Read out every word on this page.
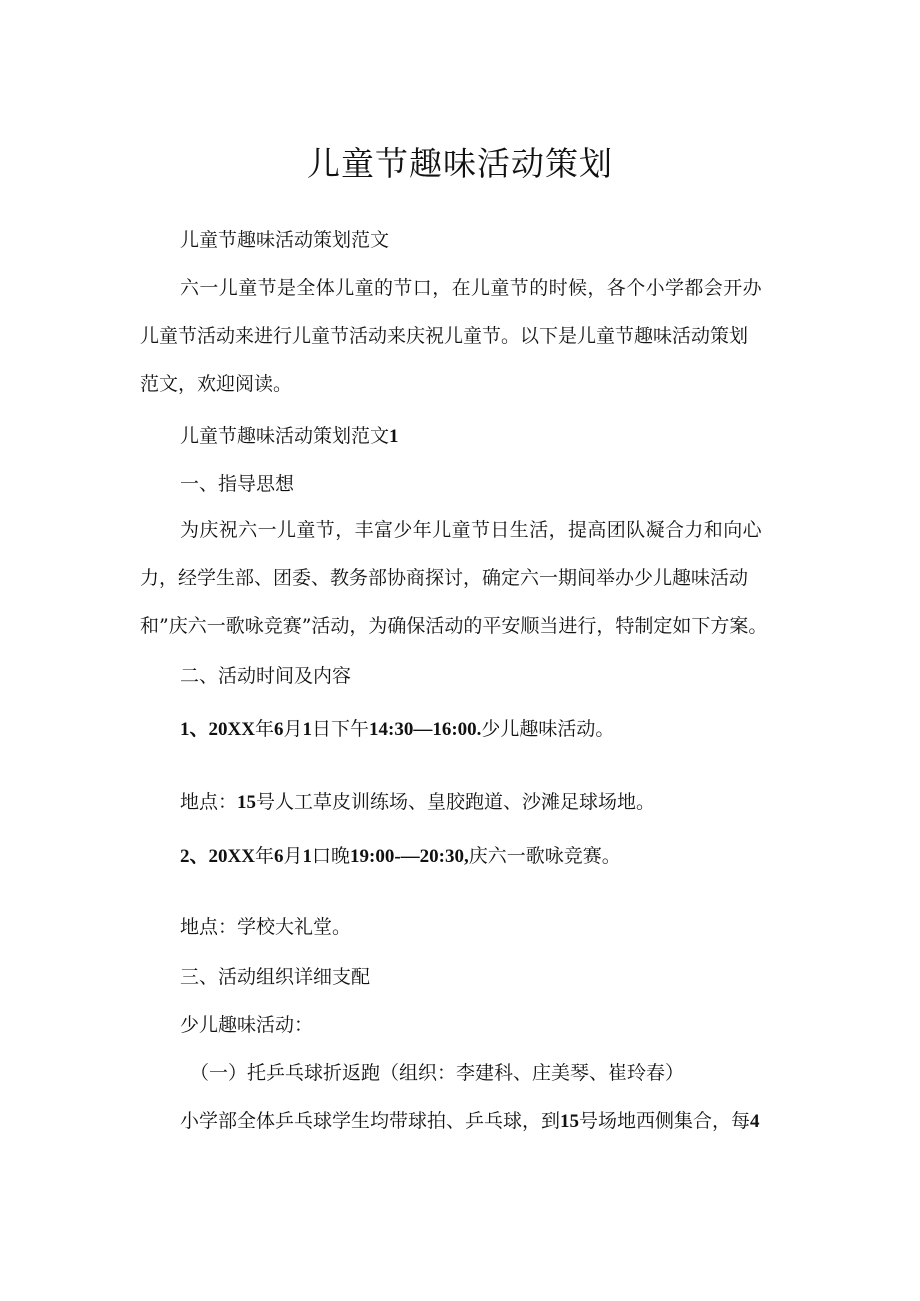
儿童节趣味活动策划
儿童节趣味活动策划范文
六一儿童节是全体儿童的节口，在儿童节的时候，各个小学都会开办
儿童节活动来进行儿童节活动来庆祝儿童节。以下是儿童节趣味活动策划
范文，欢迎阅读。
儿童节趣味活动策划范文1
一、指导思想
为庆祝六一儿童节，丰富少年儿童节日生活，提高团队凝合力和向心
力，经学生部、团委、教务部协商探讨，确定六一期间举办少儿趣味活动
和”庆六一歌咏竞赛”活动，为确保活动的平安顺当进行，特制定如下方案。
二、活动时间及内容
1、20XX年6月1日下午14:30—16:00.少儿趣味活动。
地点：15号人工草皮训练场、皇胶跑道、沙滩足球场地。
2、20XX年6月1口晚19:00-—20:30,庆六一歌咏竞赛。
地点：学校大礼堂。
三、活动组织详细支配
少儿趣味活动：
（一）托乒乓球折返跑（组织：李建科、庄美琴、崔玲春）
小学部全体乒乓球学生均带球拍、乒乓球，到15号场地西侧集合，每4
